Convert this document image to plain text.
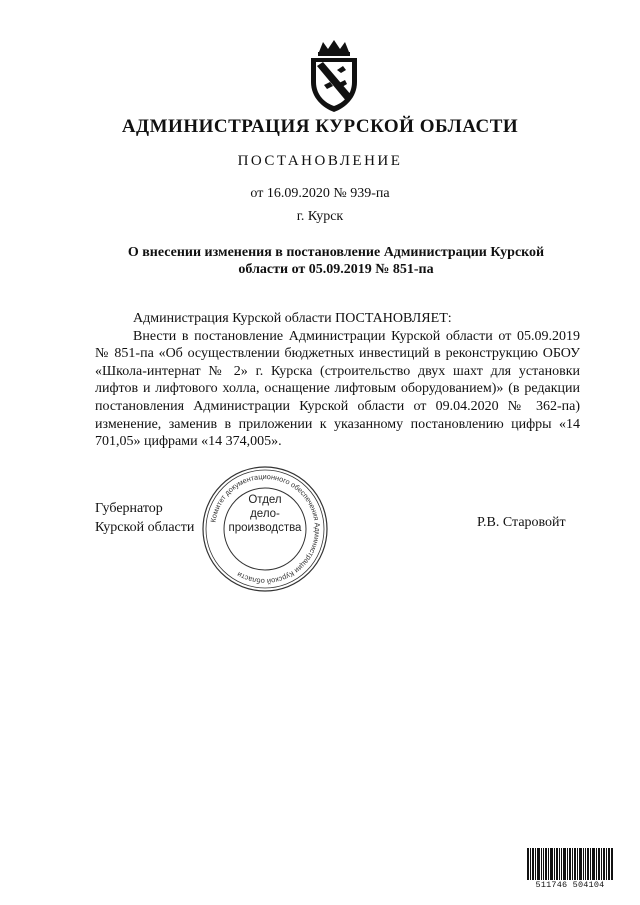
АДМИНИСТРАЦИЯ КУРСКОЙ ОБЛАСТИ
ПОСТАНОВЛЕНИЕ
от 16.09.2020 № 939-па
г. Курск
О внесении изменения в постановление Администрации Курской области от 05.09.2019 № 851-па

Администрация Курской области ПОСТАНОВЛЯЕТ:

Внести в постановление Администрации Курской области от 05.09.2019 № 851-па «Об осуществлении бюджетных инвестиций в реконструкцию ОБОУ «Школа-интернат № 2» г. Курска (строительство двух шахт для установки лифтов и лифтового холла, оснащение лифтовым оборудованием)» (в редакции постановления Администрации Курской области от 09.04.2020 № 362-па) изменение, заменив в приложении к указанному постановлению цифры «14 701,05» цифрами «14 374,005».

Губернатор
Курской области Комитет документационного обеспечения Администрации Курской области
Отдел
дело-
производства	Р.В. Старовойт
511746 504104
